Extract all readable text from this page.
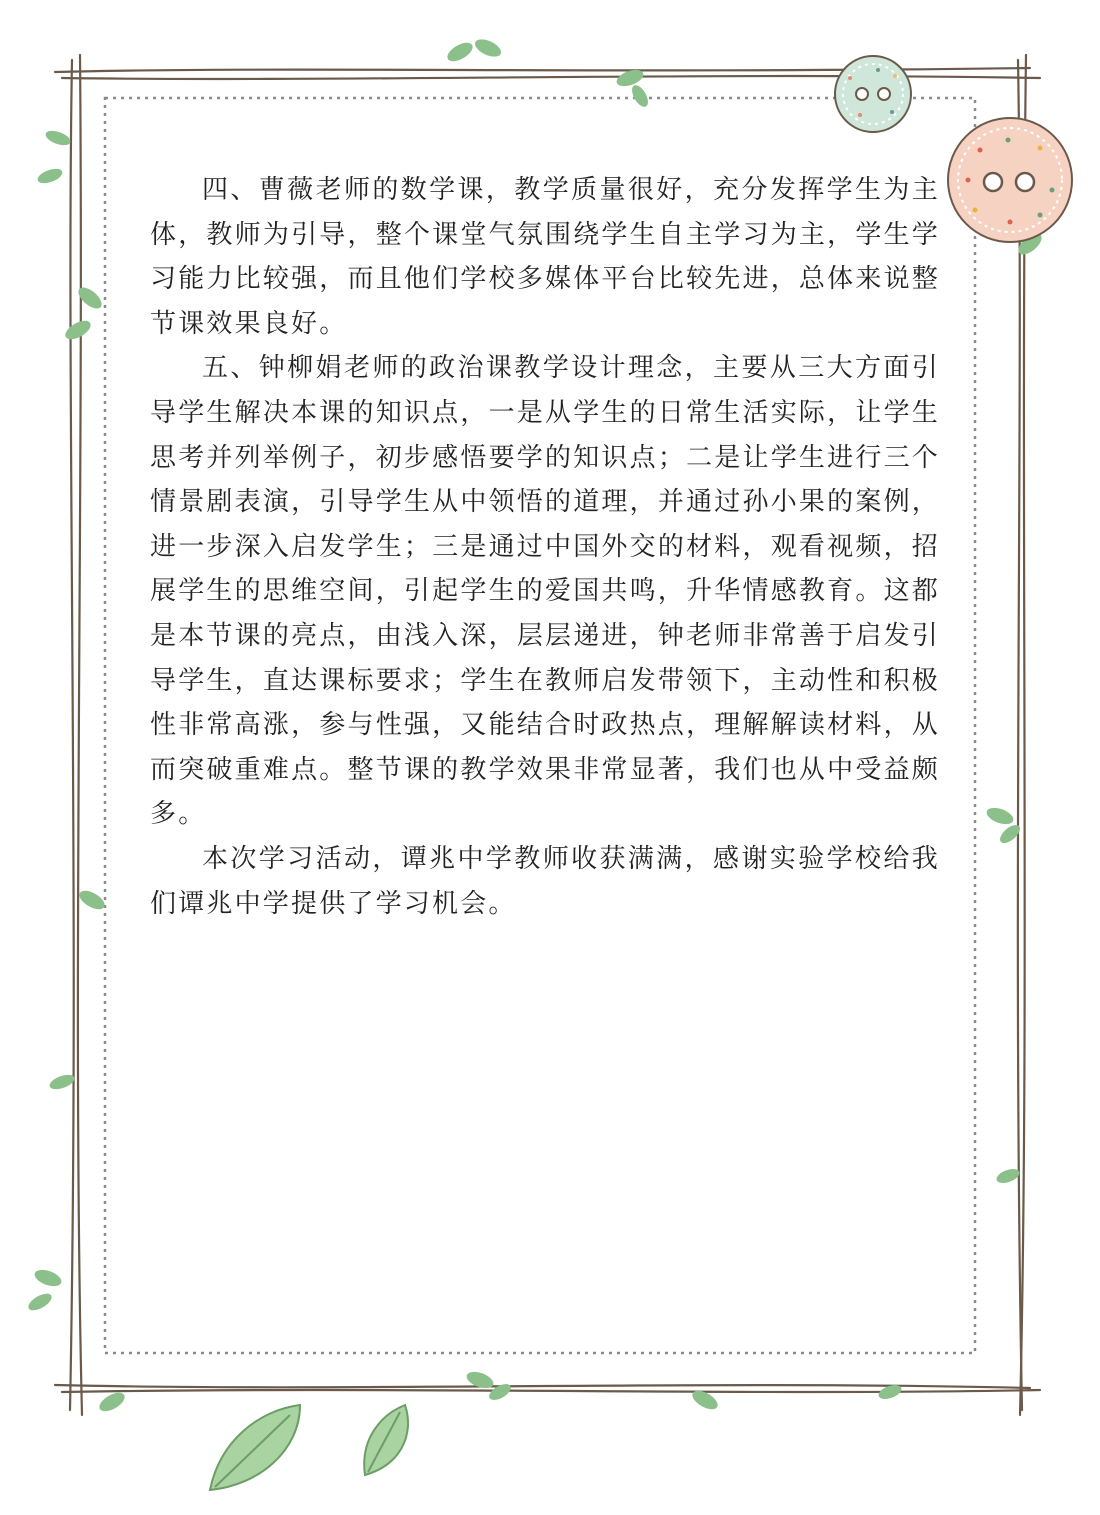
四、曹薇老师的数学课，教学质量很好，充分发挥学生为主体，教师为引导，整个课堂气氛围绕学生自主学习为主，学生学习能力比较强，而且他们学校多媒体平台比较先进，总体来说整节课效果良好。

五、钟柳娟老师的政治课教学设计理念，主要从三大方面引导学生解决本课的知识点，一是从学生的日常生活实际，让学生思考并列举例子，初步感悟要学的知识点；二是让学生进行三个情景剧表演，引导学生从中领悟的道理，并通过孙小果的案例，进一步深入启发学生；三是通过中国外交的材料，观看视频，招展学生的思维空间，引起学生的爱国共鸣，升华情感教育。这都是本节课的亮点，由浅入深，层层递进，钟老师非常善于启发引导学生，直达课标要求；学生在教师启发带领下，主动性和积极性非常高涨，参与性强，又能结合时政热点，理解解读材料，从而突破重难点。整节课的教学效果非常显著，我们也从中受益颇多。

本次学习活动，谭兆中学教师收获满满，感谢实验学校给我们谭兆中学提供了学习机会。
